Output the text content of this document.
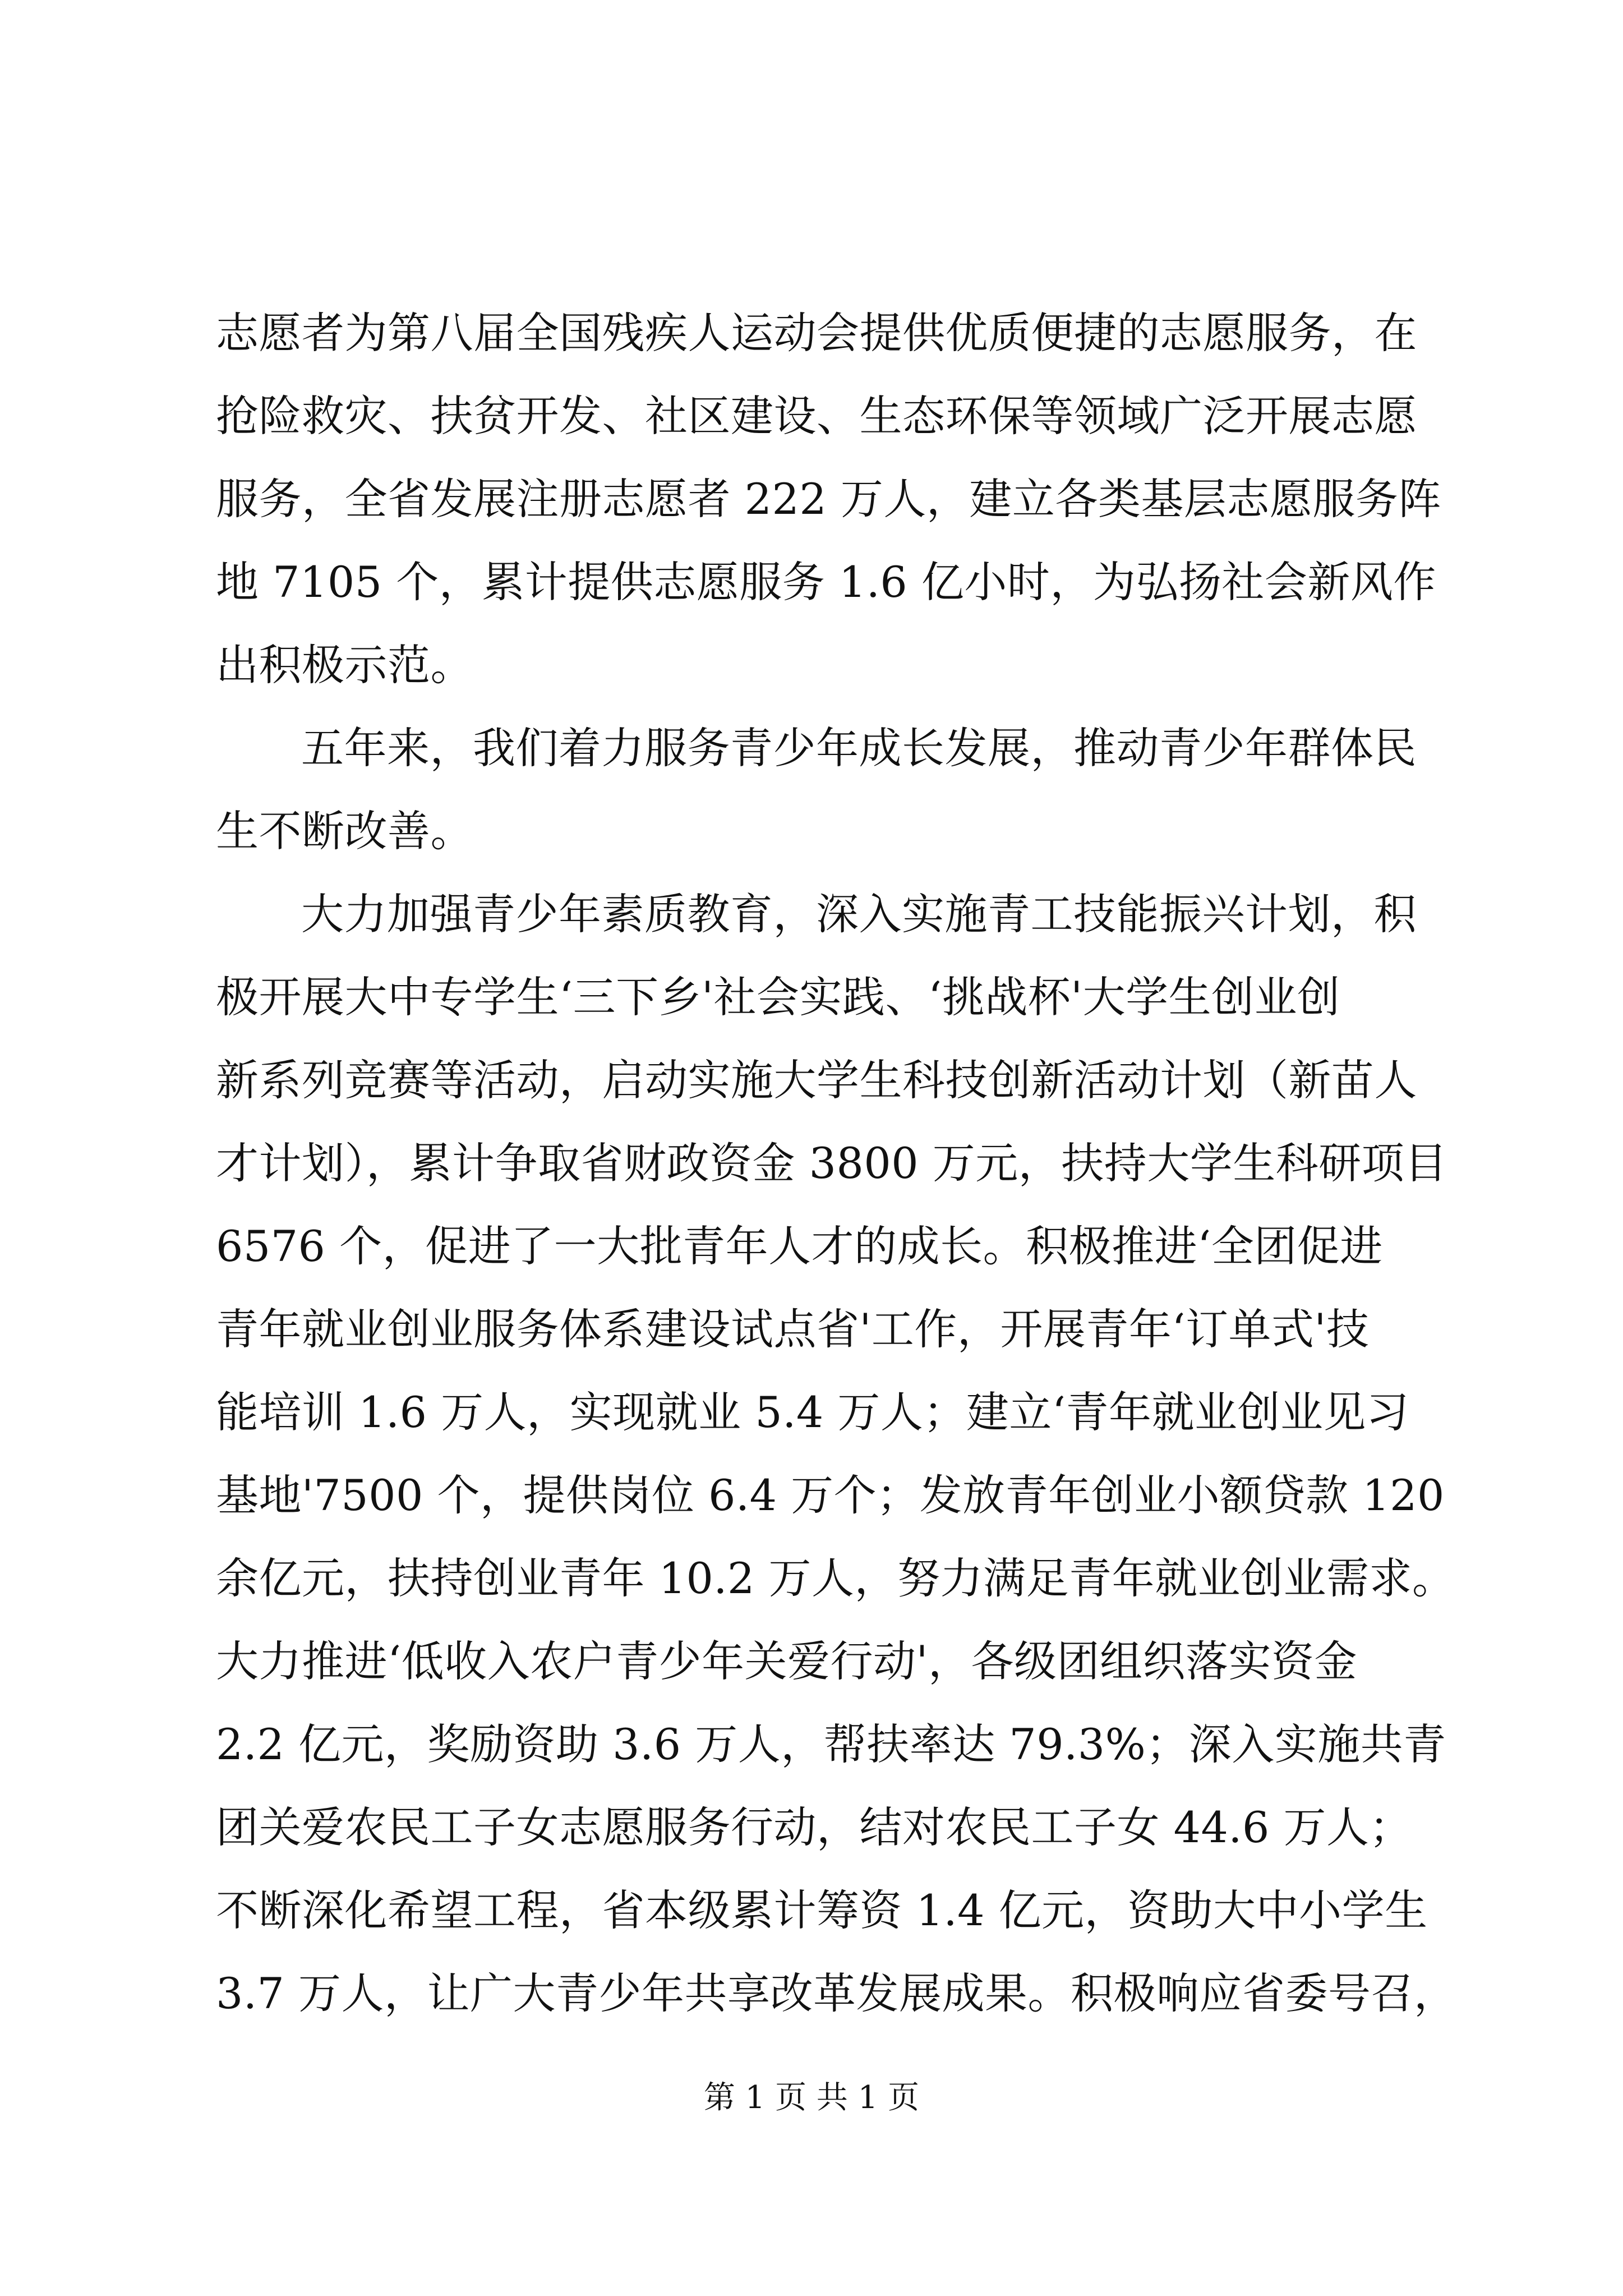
志愿者为第八届全国残疾人运动会提供优质便捷的志愿服务，在
抢险救灾、扶贫开发、社区建设、生态环保等领域广泛开展志愿
服务，全省发展注册志愿者 222 万人，建立各类基层志愿服务阵
地 7105 个，累计提供志愿服务 1.6 亿小时，为弘扬社会新风作
出积极示范。
五年来，我们着力服务青少年成长发展，推动青少年群体民
生不断改善。
大力加强青少年素质教育，深入实施青工技能振兴计划，积
极开展大中专学生‘三下乡'社会实践、‘挑战杯'大学生创业创
新系列竞赛等活动，启动实施大学生科技创新活动计划（新苗人
才计划），累计争取省财政资金 3800 万元，扶持大学生科研项目
6576 个，促进了一大批青年人才的成长。积极推进‘全团促进
青年就业创业服务体系建设试点省'工作，开展青年‘订单式'技
能培训 1.6 万人，实现就业 5.4 万人；建立‘青年就业创业见习
基地'7500 个，提供岗位 6.4 万个；发放青年创业小额贷款 120
余亿元，扶持创业青年 10.2 万人，努力满足青年就业创业需求。
大力推进‘低收入农户青少年关爱行动'，各级团组织落实资金
2.2 亿元，奖励资助 3.6 万人，帮扶率达 79.3%；深入实施共青
团关爱农民工子女志愿服务行动，结对农民工子女 44.6 万人；
不断深化希望工程，省本级累计筹资 1.4 亿元，资助大中小学生
3.7 万人，让广大青少年共享改革发展成果。积极响应省委号召，
第 1 页 共 1 页
